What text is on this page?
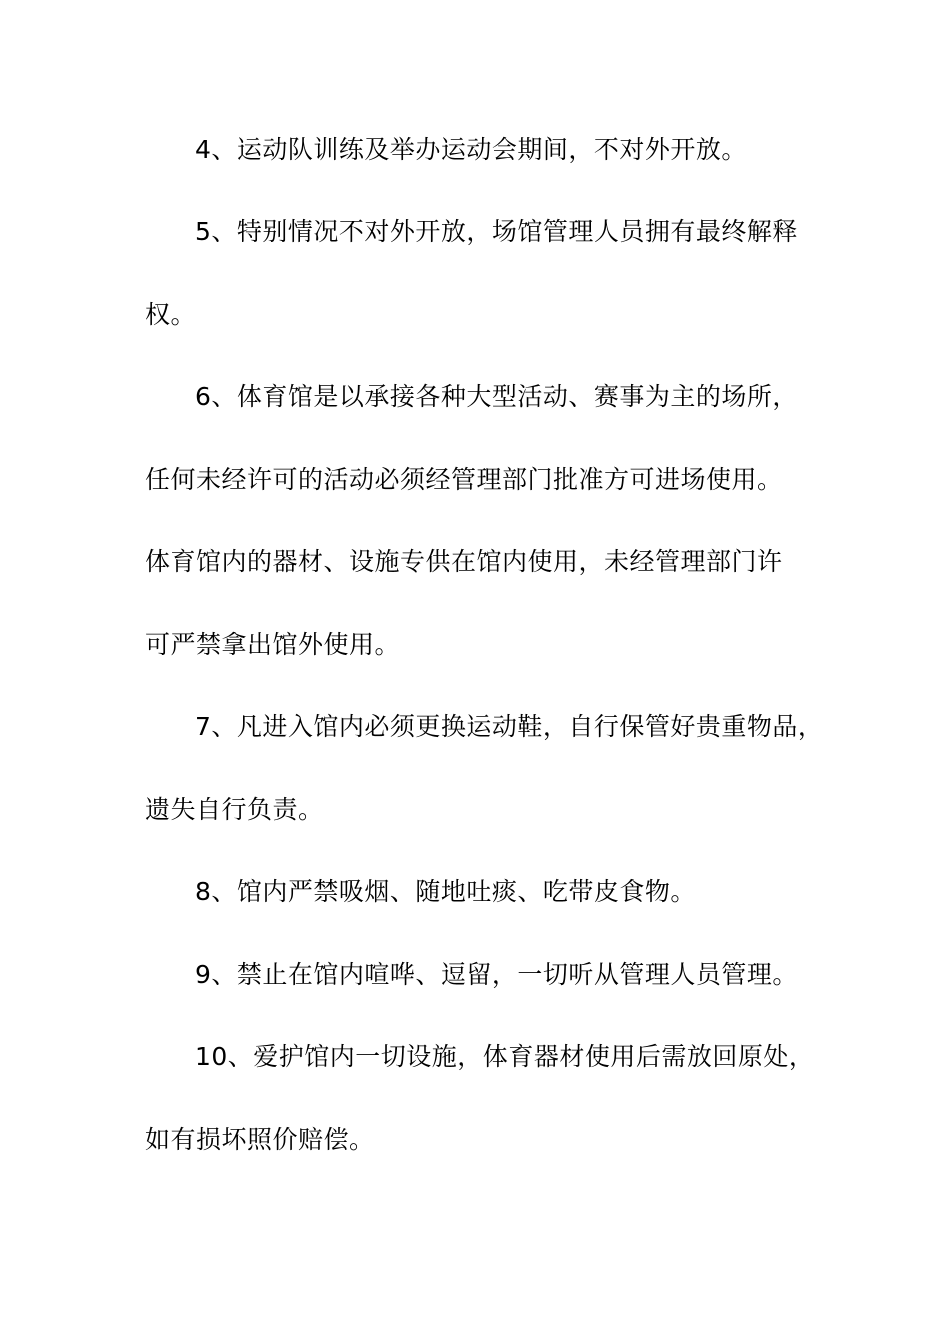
4、运动队训练及举办运动会期间，不对外开放。
5、特别情况不对外开放，场馆管理人员拥有最终解释
权。
6、体育馆是以承接各种大型活动、赛事为主的场所，
任何未经许可的活动必须经管理部门批准方可进场使用。
体育馆内的器材、设施专供在馆内使用，未经管理部门许
可严禁拿出馆外使用。
7、凡进入馆内必须更换运动鞋，自行保管好贵重物品，
遗失自行负责。
8、馆内严禁吸烟、随地吐痰、吃带皮食物。
9、禁止在馆内喧哗、逗留，一切听从管理人员管理。
10、爱护馆内一切设施，体育器材使用后需放回原处，
如有损坏照价赔偿。
